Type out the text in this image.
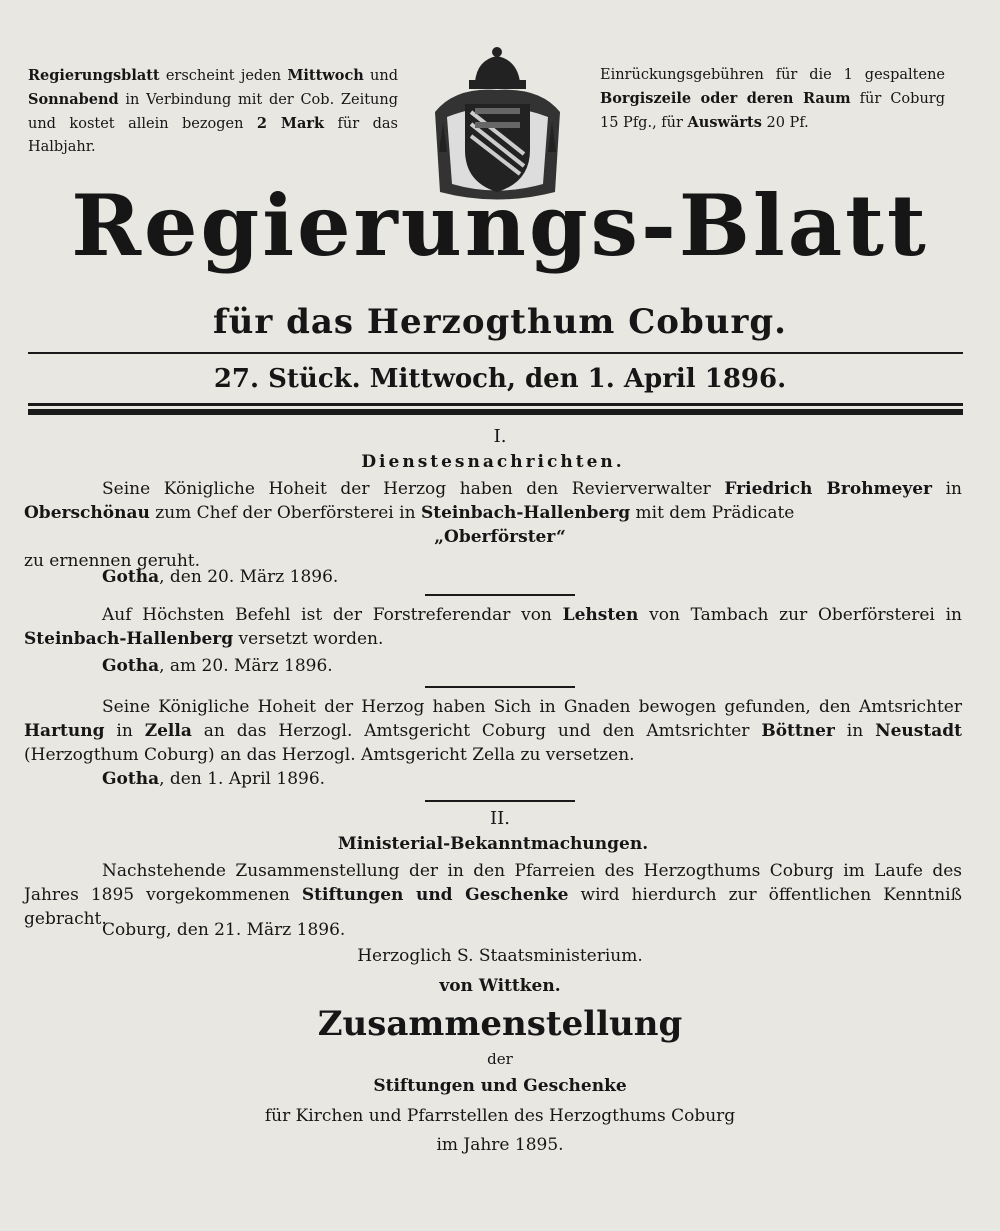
Regierungsblatt erscheint jeden Mittwoch und Sonnabend in Verbindung mit der Cob. Zeitung und kostet allein bezogen 2 Mark für das Halbjahr.
Einrückungsgebühren für die 1 gespaltene Borgiszeile oder deren Raum für Coburg 15 Pfg., für Auswärts 20 Pf.
Regierungs-Blatt
für das Herzogthum Coburg.
27. Stück. Mittwoch, den 1. April 1896.
I.
Dienstesnachrichten.
Seine Königliche Hoheit der Herzog haben den Revierverwalter Friedrich Brohmeyer in Oberschönau zum Chef der Oberförsterei in Steinbach-Hallenberg mit dem Prädicate
„Oberförster“
zu ernennen geruht.
Gotha, den 20. März 1896.
Auf Höchsten Befehl ist der Forstreferendar von Lehsten von Tambach zur Oberförsterei in Steinbach-Hallenberg versetzt worden.
Gotha, am 20. März 1896.
Seine Königliche Hoheit der Herzog haben Sich in Gnaden bewogen gefunden, den Amtsrichter Hartung in Zella an das Herzogl. Amtsgericht Coburg und den Amtsrichter Böttner in Neustadt (Herzogthum Coburg) an das Herzogl. Amtsgericht Zella zu versetzen.
Gotha, den 1. April 1896.
II.
Ministerial-Bekanntmachungen.
Nachstehende Zusammenstellung der in den Pfarreien des Herzogthums Coburg im Laufe des Jahres 1895 vorgekommenen Stiftungen und Geschenke wird hierdurch zur öffentlichen Kenntniß gebracht.
Coburg, den 21. März 1896.
Herzoglich S. Staatsministerium.
von Wittken.
Zusammenstellung
der
Stiftungen und Geschenke
für Kirchen und Pfarrstellen des Herzogthums Coburg
im Jahre 1895.
